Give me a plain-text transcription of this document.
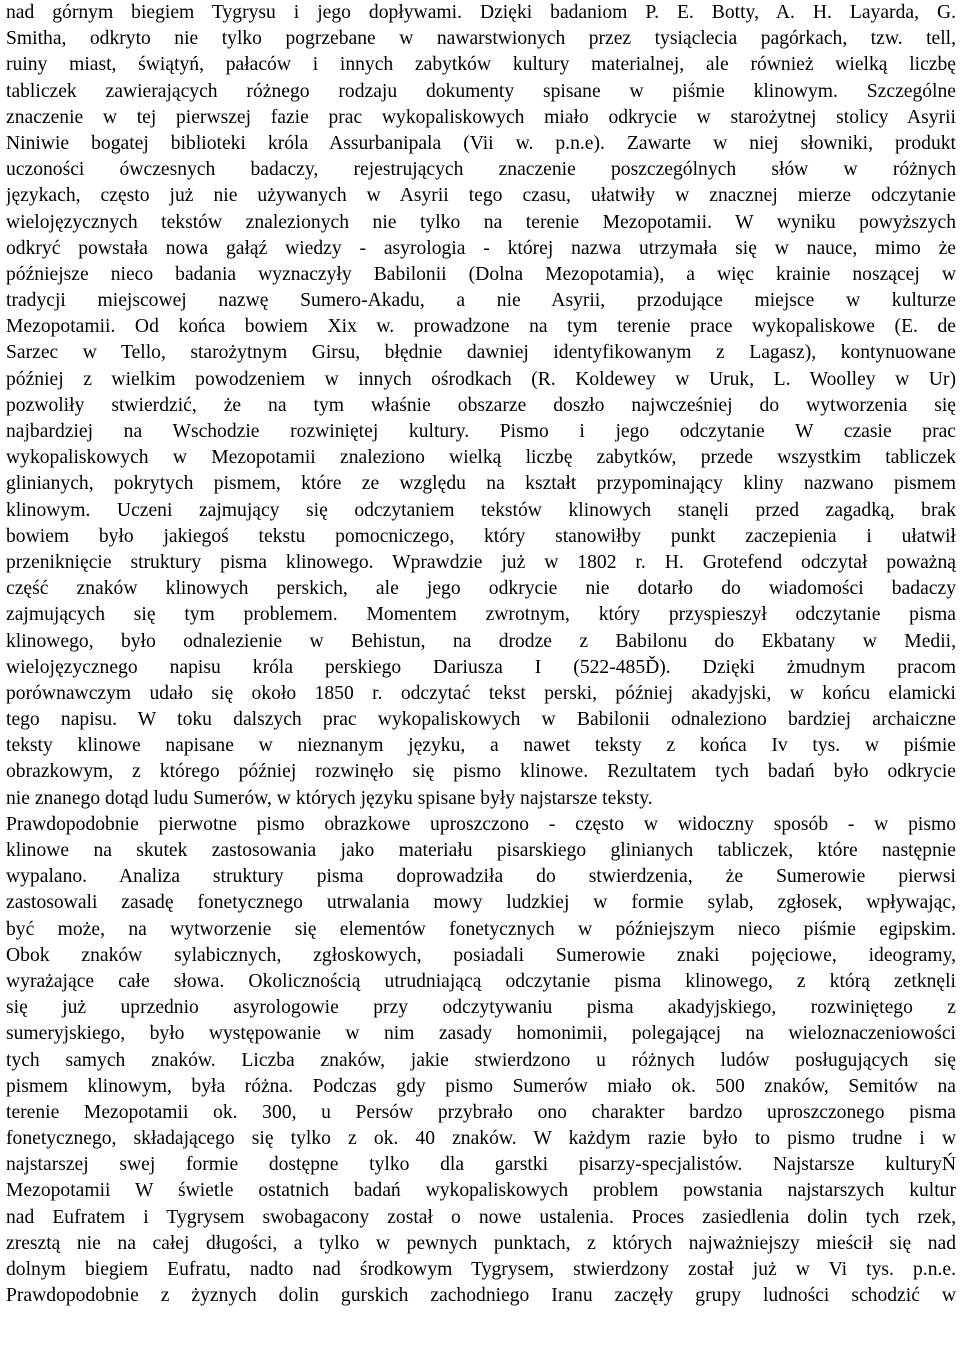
nad górnym biegiem Tygrysu i jego dopływami. Dzięki badaniom P. E. Botty, A. H. Layarda, G.
Smitha, odkryto nie tylko pogrzebane w nawarstwionych przez tysiąclecia pagórkach, tzw. tell,
ruiny miast, świątyń, pałaców i innych zabytków kultury materialnej, ale również wielką liczbę
tabliczek zawierających różnego rodzaju dokumenty spisane w piśmie klinowym. Szczególne
znaczenie w tej pierwszej fazie prac wykopaliskowych miało odkrycie w starożytnej stolicy Asyrii
Niniwie bogatej biblioteki króla Assurbanipala (Vii w. p.n.e). Zawarte w niej słowniki, produkt
uczoności ówczesnych badaczy, rejestrujących znaczenie poszczególnych słów w różnych
językach, często już nie używanych w Asyrii tego czasu, ułatwiły w znacznej mierze odczytanie
wielojęzycznych tekstów znalezionych nie tylko na terenie Mezopotamii. W wyniku powyższych
odkryć powstała nowa gałąź wiedzy - asyrologia - której nazwa utrzymała się w nauce, mimo że
późniejsze nieco badania wyznaczyły Babilonii (Dolna Mezopotamia), a więc krainie noszącej w
tradycji miejscowej nazwę Sumero-Akadu, a nie Asyrii, przodujące miejsce w kulturze
Mezopotamii. Od końca bowiem Xix w. prowadzone na tym terenie prace wykopaliskowe (E. de
Sarzec w Tello, starożytnym Girsu, błędnie dawniej identyfikowanym z Lagasz), kontynuowane
później z wielkim powodzeniem w innych ośrodkach (R. Koldewey w Uruk, L. Woolley w Ur)
pozwoliły stwierdzić, że na tym właśnie obszarze doszło najwcześniej do wytworzenia się
najbardziej na Wschodzie rozwiniętej kultury. Pismo i jego odczytanie W czasie prac
wykopaliskowych w Mezopotamii znaleziono wielką liczbę zabytków, przede wszystkim tabliczek
glinianych, pokrytych pismem, które ze względu na kształt przypominający kliny nazwano pismem
klinowym. Uczeni zajmujący się odczytaniem tekstów klinowych stanęli przed zagadką, brak
bowiem było jakiegoś tekstu pomocniczego, który stanowiłby punkt zaczepienia i ułatwił
przeniknięcie struktury pisma klinowego. Wprawdzie już w 1802 r. H. Grotefend odczytał poważną
część znaków klinowych perskich, ale jego odkrycie nie dotarło do wiadomości badaczy
zajmujących się tym problemem. Momentem zwrotnym, który przyspieszył odczytanie pisma
klinowego, było odnalezienie w Behistun, na drodze z Babilonu do Ekbatany w Medii,
wielojęzycznego napisu króla perskiego Dariusza I (522-485Ď). Dzięki żmudnym pracom
porównawczym udało się około 1850 r. odczytać tekst perski, później akadyjski, w końcu elamicki
tego napisu. W toku dalszych prac wykopaliskowych w Babilonii odnaleziono bardziej archaiczne
teksty klinowe napisane w nieznanym języku, a nawet teksty z końca Iv tys. w piśmie
obrazkowym, z którego później rozwinęło się pismo klinowe. Rezultatem tych badań było odkrycie
nie znanego dotąd ludu Sumerów, w których języku spisane były najstarsze teksty.
Prawdopodobnie pierwotne pismo obrazkowe uproszczono - często w widoczny sposób - w pismo
klinowe na skutek zastosowania jako materiału pisarskiego glinianych tabliczek, które następnie
wypalano. Analiza struktury pisma doprowadziła do stwierdzenia, że Sumerowie pierwsi
zastosowali zasadę fonetycznego utrwalania mowy ludzkiej w formie sylab, zgłosek, wpływając,
być może, na wytworzenie się elementów fonetycznych w późniejszym nieco piśmie egipskim.
Obok znaków sylabicznych, zgłoskowych, posiadali Sumerowie znaki pojęciowe, ideogramy,
wyrażające całe słowa. Okolicznością utrudniającą odczytanie pisma klinowego, z którą zetknęli
się już uprzednio asyrologowie przy odczytywaniu pisma akadyjskiego, rozwiniętego z
sumeryjskiego, było występowanie w nim zasady homonimii, polegającej na wieloznaczeniowości
tych samych znaków. Liczba znaków, jakie stwierdzono u różnych ludów posługujących się
pismem klinowym, była różna. Podczas gdy pismo Sumerów miało ok. 500 znaków, Semitów na
terenie Mezopotamii ok. 300, u Persów przybrało ono charakter bardzo uproszczonego pisma
fonetycznego, składającego się tylko z ok. 40 znaków. W każdym razie było to pismo trudne i w
najstarszej swej formie dostępne tylko dla garstki pisarzy-specjalistów. Najstarsze kulturyŃ
Mezopotamii W świetle ostatnich badań wykopaliskowych problem powstania najstarszych kultur
nad Eufratem i Tygrysem swobagacony został o nowe ustalenia. Proces zasiedlenia dolin tych rzek,
zresztą nie na całej długości, a tylko w pewnych punktach, z których najważniejszy mieścił się nad
dolnym biegiem Eufratu, nadto nad środkowym Tygrysem, stwierdzony został już w Vi tys. p.n.e.
Prawdopodobnie z żyznych dolin gurskich zachodniego Iranu zaczęły grupy ludności schodzić w
